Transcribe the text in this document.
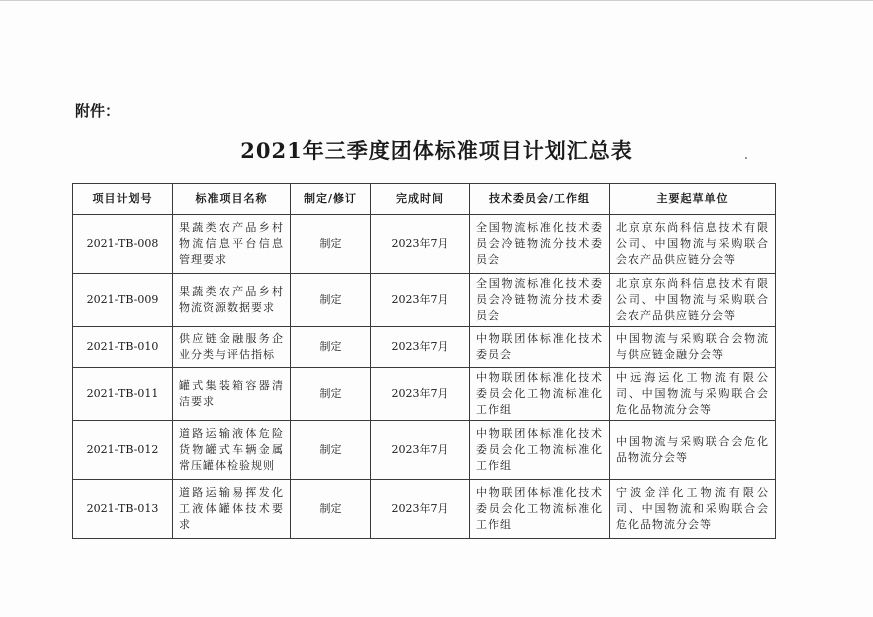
附件：
2021年三季度团体标准项目计划汇总表
项目计划号	标准项目名称	制定/修订	完成时间	技术委员会/工作组	主要起草单位
2021-TB-008	果蔬类农产品乡村物流信息平台信息管理要求	制定	2023年7月	全国物流标准化技术委员会冷链物流分技术委员会	北京京东尚科信息技术有限公司、中国物流与采购联合会农产品供应链分会等
2021-TB-009	果蔬类农产品乡村物流资源数据要求	制定	2023年7月	全国物流标准化技术委员会冷链物流分技术委员会	北京京东尚科信息技术有限公司、中国物流与采购联合会农产品供应链分会等
2021-TB-010	供应链金融服务企业分类与评估指标	制定	2023年7月	中物联团体标准化技术委员会	中国物流与采购联合会物流与供应链金融分会等
2021-TB-011	罐式集装箱容器清洁要求	制定	2023年7月	中物联团体标准化技术委员会化工物流标准化工作组	中远海运化工物流有限公司、中国物流与采购联合会危化品物流分会等
2021-TB-012	道路运输液体危险货物罐式车辆金属常压罐体检验规则	制定	2023年7月	中物联团体标准化技术委员会化工物流标准化工作组	中国物流与采购联合会危化品物流分会等
2021-TB-013	道路运输易挥发化工液体罐体技术要求	制定	2023年7月	中物联团体标准化技术委员会化工物流标准化工作组	宁波金洋化工物流有限公司、中国物流和采购联合会危化品物流分会等
